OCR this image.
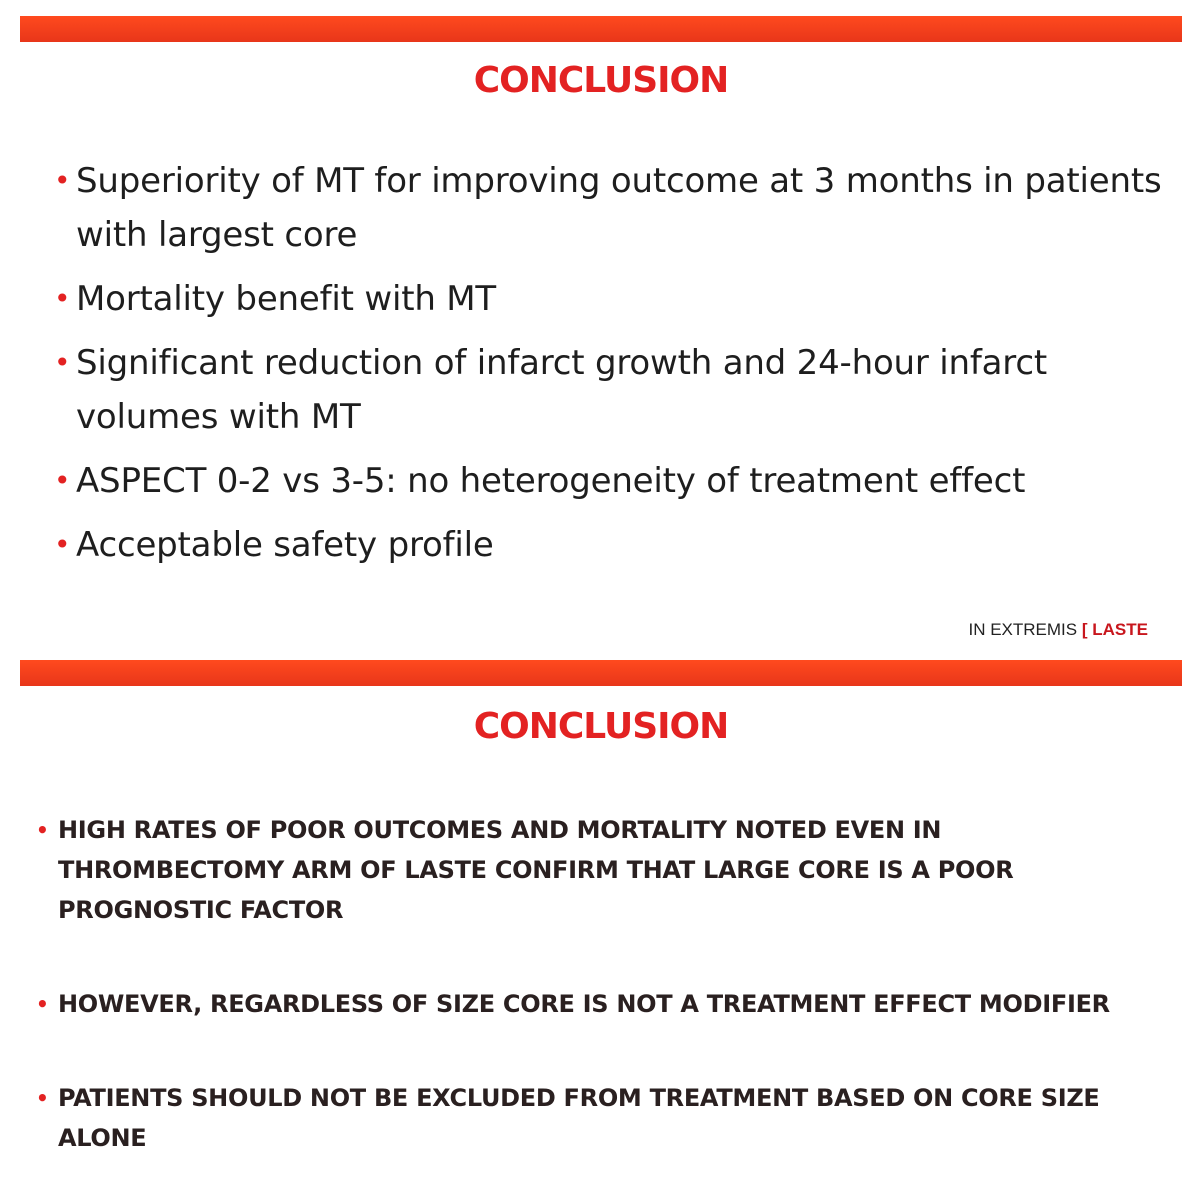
CONCLUSION
• Superiority of MT for improving outcome at 3 months in patients with largest core
• Mortality benefit with MT
• Significant reduction of infarct growth and 24-hour infarct volumes with MT
• ASPECT 0-2 vs 3-5: no heterogeneity of treatment effect
• Acceptable safety profile
IN EXTREMIS [ LASTE
CONCLUSION
• HIGH RATES OF POOR OUTCOMES AND MORTALITY NOTED EVEN IN THROMBECTOMY ARM OF LASTE CONFIRM THAT LARGE CORE IS A POOR PROGNOSTIC FACTOR
• HOWEVER, REGARDLESS OF SIZE CORE IS NOT A TREATMENT EFFECT MODIFIER
• PATIENTS SHOULD NOT BE EXCLUDED FROM TREATMENT BASED ON CORE SIZE ALONE
